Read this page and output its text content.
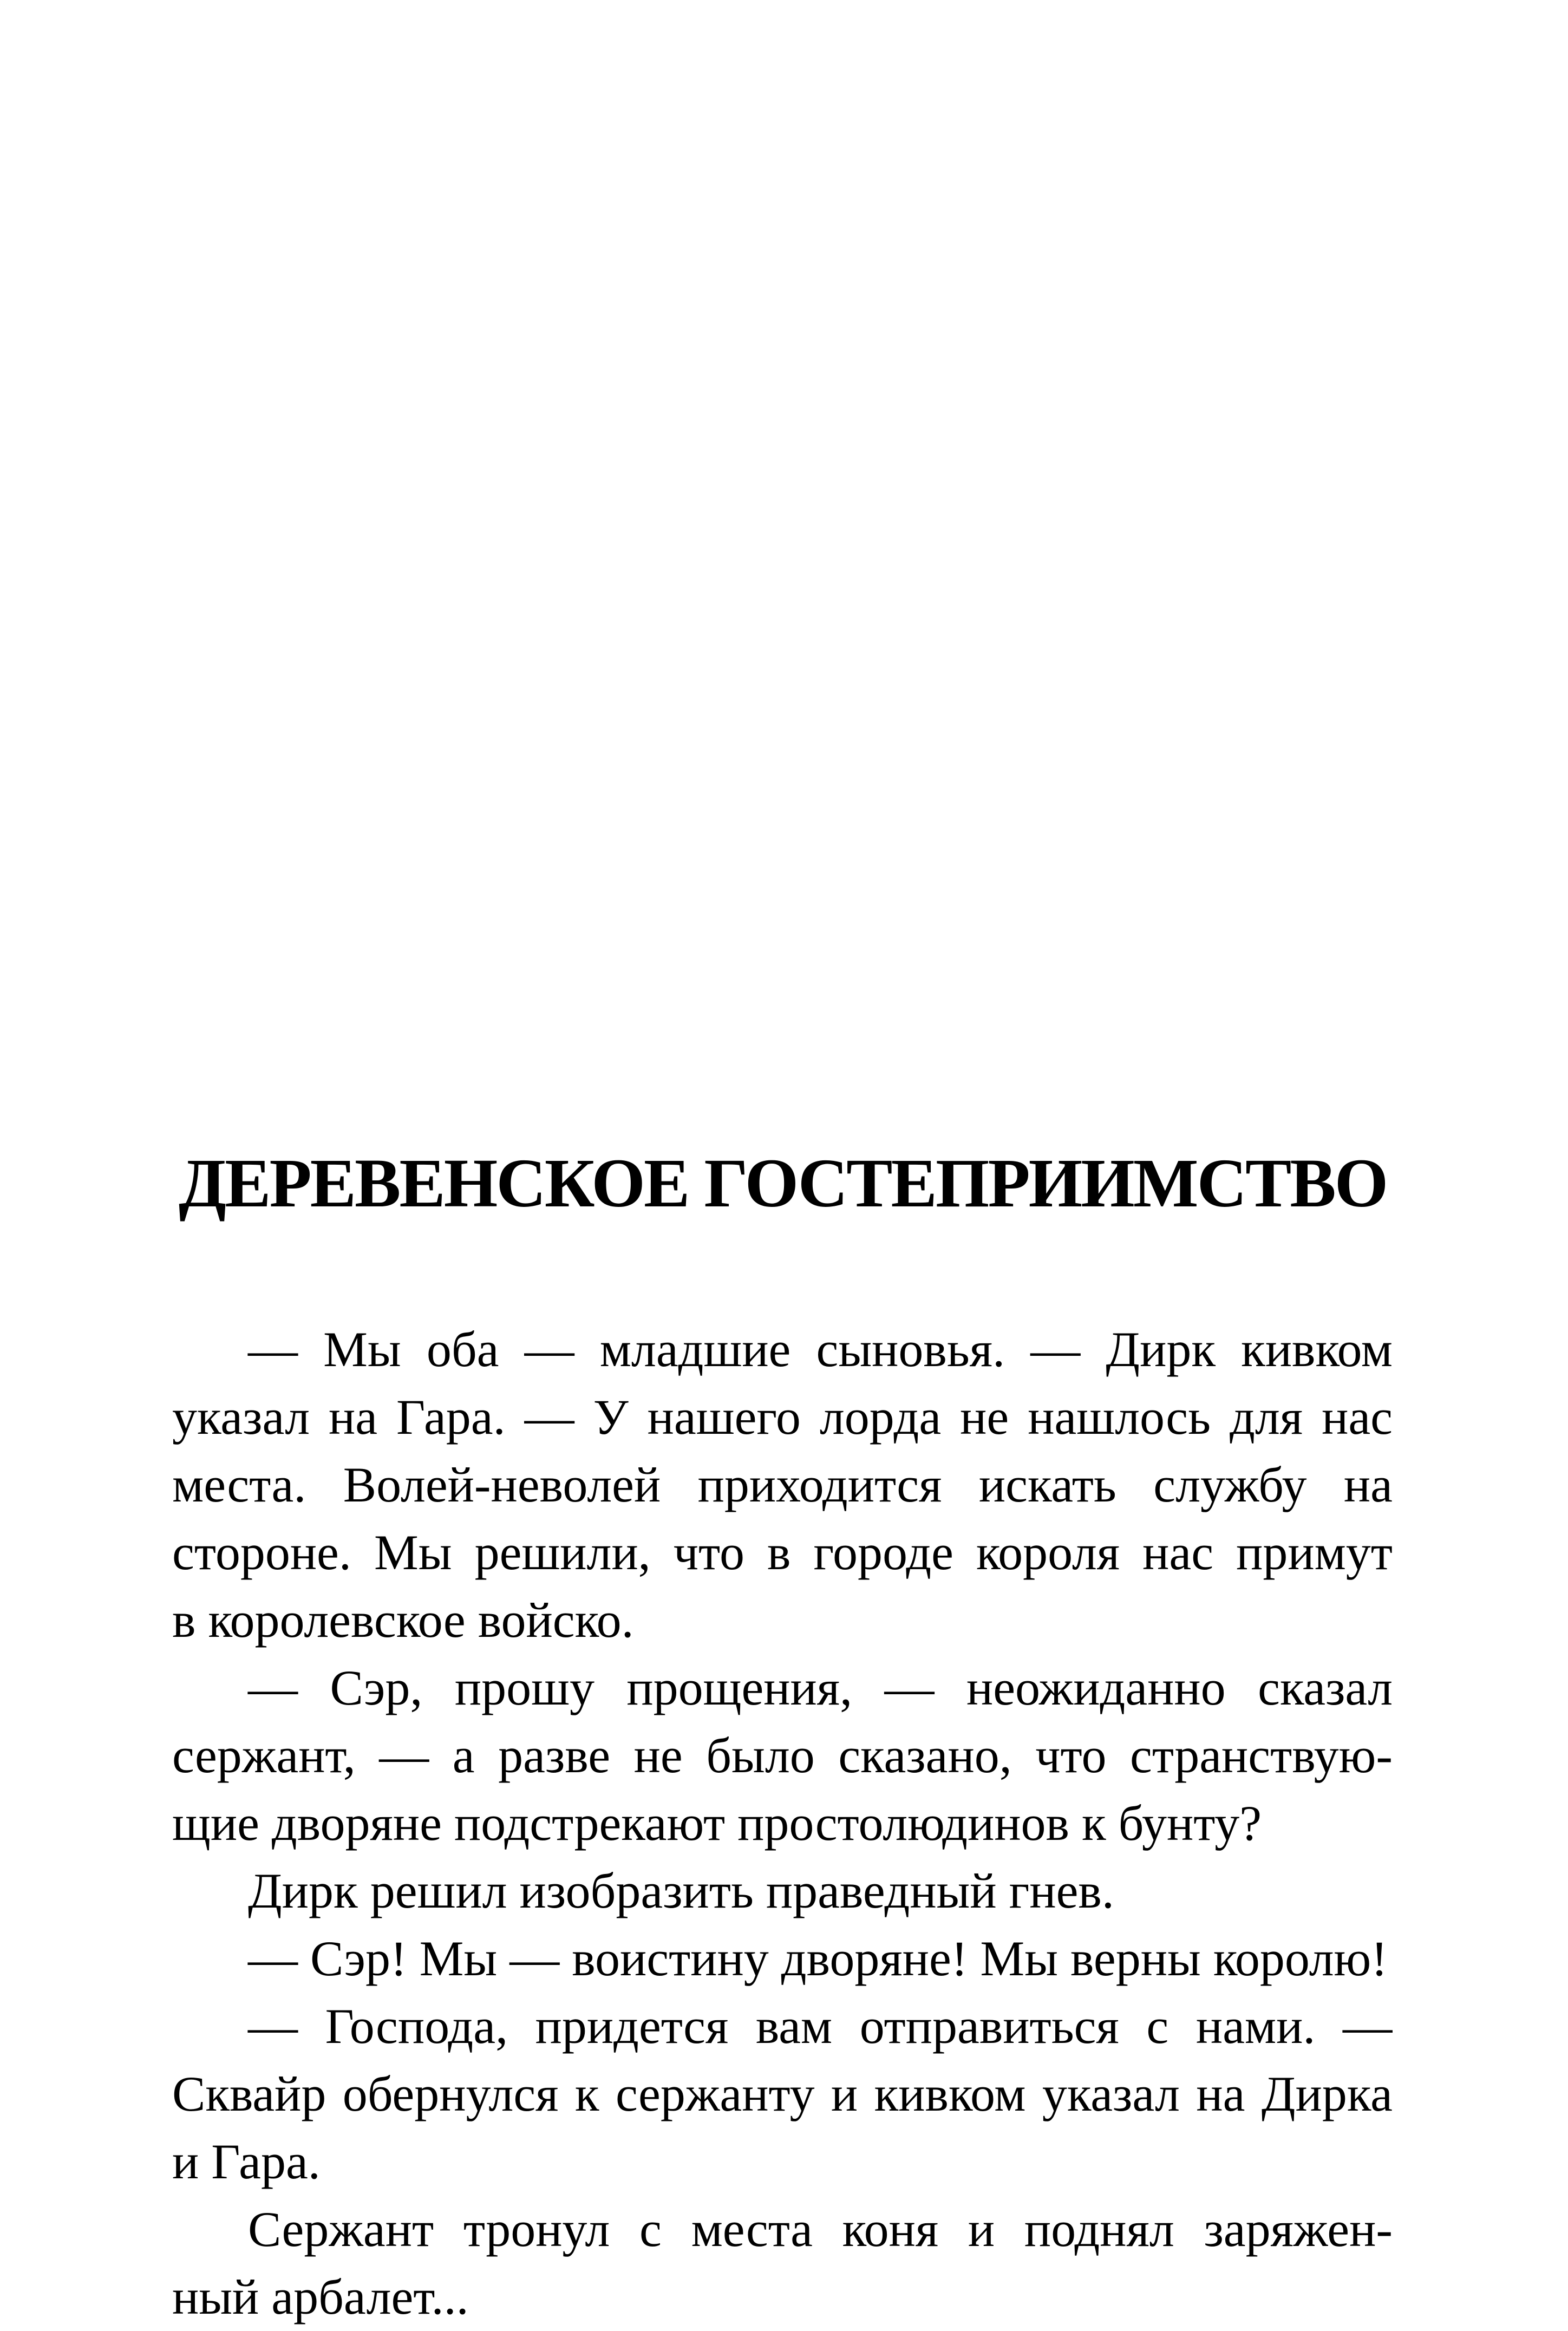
ДЕРЕВЕНСКОЕ ГОСТЕПРИИМСТВО
— Мы оба — младшие сыновья. — Дирк кивком
указал на Гара. — У нашего лорда не нашлось для нас
места. Волей-неволей приходится искать службу на
стороне. Мы решили, что в городе короля нас примут
в королевское войско.
— Сэр, прошу прощения, — неожиданно сказал
сержант, — а разве не было сказано, что странствую-
щие дворяне подстрекают простолюдинов к бунту?
Дирк решил изобразить праведный гнев.
— Сэр! Мы — воистину дворяне! Мы верны королю!
— Господа, придется вам отправиться с нами. —
Сквайр обернулся к сержанту и кивком указал на Дирка
и Гара.
Сержант тронул с места коня и поднял заряжен-
ный арбалет...
